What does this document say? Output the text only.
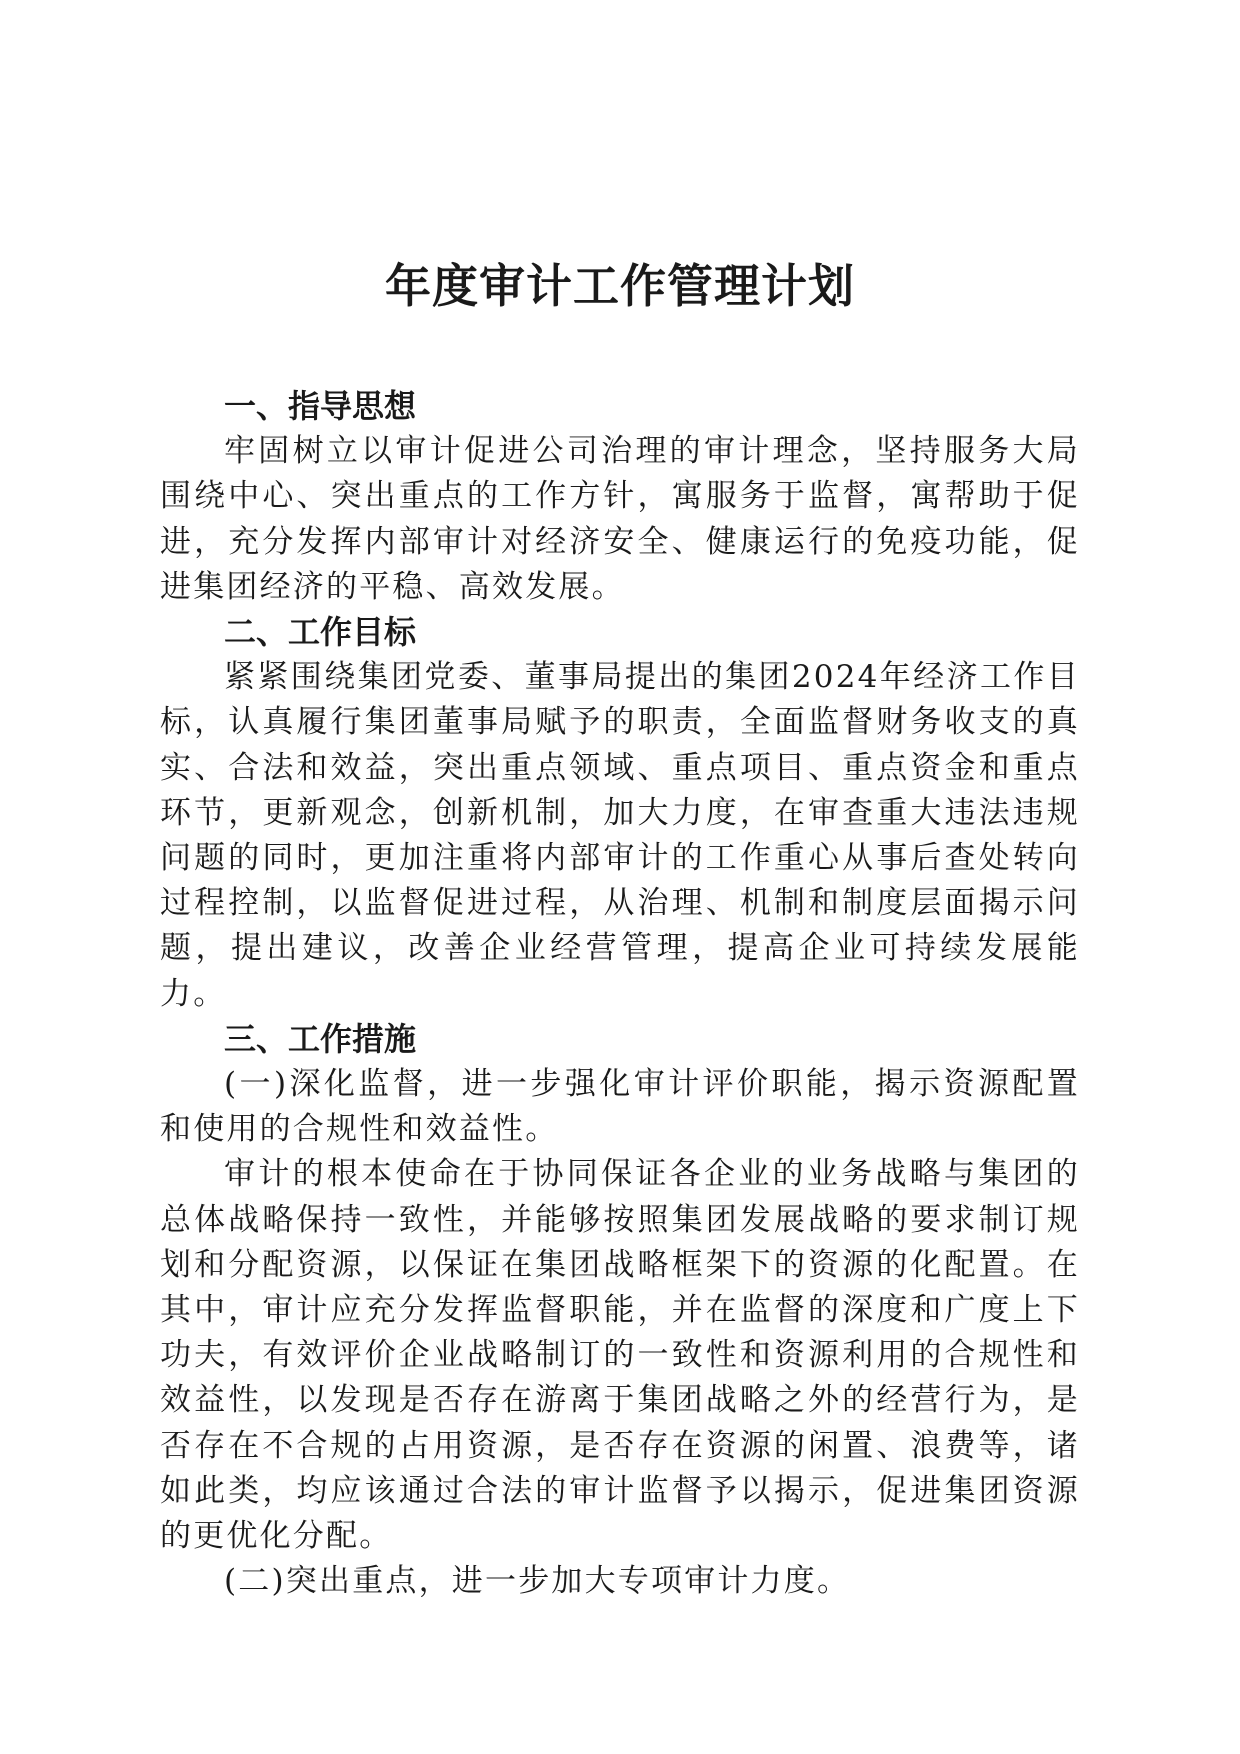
年度审计工作管理计划
一、指导思想

牢固树立以审计促进公司治理的审计理念，坚持服务大局围绕中心、突出重点的工作方针，寓服务于监督，寓帮助于促进，充分发挥内部审计对经济安全、健康运行的免疫功能，促进集团经济的平稳、高效发展。

二、工作目标

紧紧围绕集团党委、董事局提出的集团2024年经济工作目标，认真履行集团董事局赋予的职责，全面监督财务收支的真实、合法和效益，突出重点领域、重点项目、重点资金和重点环节，更新观念，创新机制，加大力度，在审查重大违法违规问题的同时，更加注重将内部审计的工作重心从事后查处转向过程控制，以监督促进过程，从治理、机制和制度层面揭示问题，提出建议，改善企业经营管理，提高企业可持续发展能力。

三、工作措施

(一)深化监督，进一步强化审计评价职能，揭示资源配置和使用的合规性和效益性。

审计的根本使命在于协同保证各企业的业务战略与集团的总体战略保持一致性，并能够按照集团发展战略的要求制订规划和分配资源，以保证在集团战略框架下的资源的化配置。在其中，审计应充分发挥监督职能，并在监督的深度和广度上下功夫，有效评价企业战略制订的一致性和资源利用的合规性和效益性，以发现是否存在游离于集团战略之外的经营行为，是否存在不合规的占用资源，是否存在资源的闲置、浪费等，诸如此类，均应该通过合法的审计监督予以揭示，促进集团资源的更优化分配。

(二)突出重点，进一步加大专项审计力度。
